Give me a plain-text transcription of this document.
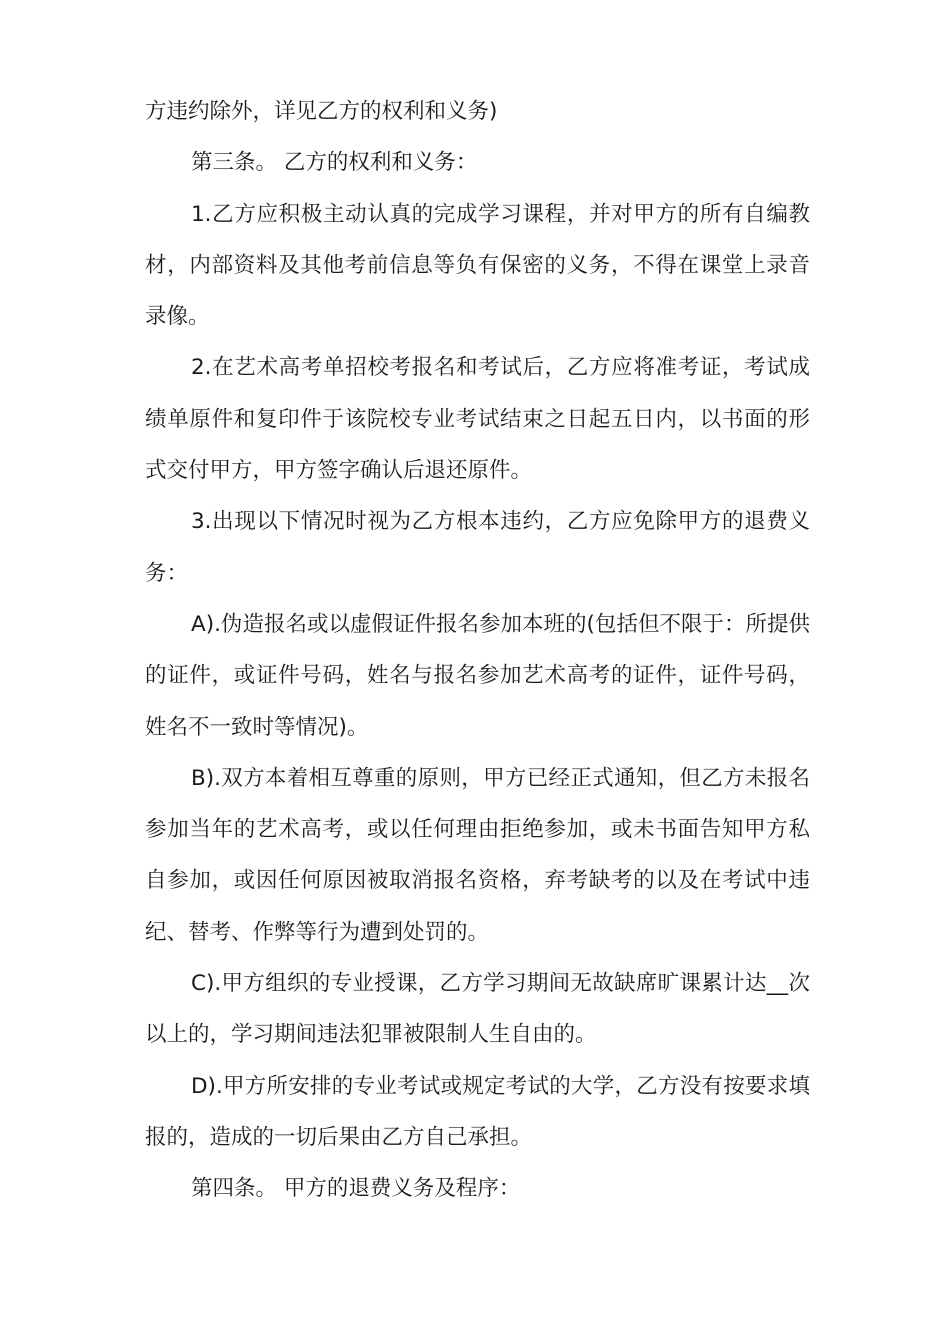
方违约除外，详见乙方的权利和义务)

第三条。 乙方的权利和义务：

1.乙方应积极主动认真的完成学习课程，并对甲方的所有自编教材，内部资料及其他考前信息等负有保密的义务，不得在课堂上录音录像。

2.在艺术高考单招校考报名和考试后，乙方应将准考证，考试成绩单原件和复印件于该院校专业考试结束之日起五日内，以书面的形式交付甲方，甲方签字确认后退还原件。

3.出现以下情况时视为乙方根本违约，乙方应免除甲方的退费义务：

A).伪造报名或以虚假证件报名参加本班的(包括但不限于：所提供的证件，或证件号码，姓名与报名参加艺术高考的证件，证件号码，姓名不一致时等情况)。

B).双方本着相互尊重的原则，甲方已经正式通知，但乙方未报名参加当年的艺术高考，或以任何理由拒绝参加，或未书面告知甲方私自参加，或因任何原因被取消报名资格，弃考缺考的以及在考试中违纪、替考、作弊等行为遭到处罚的。

C).甲方组织的专业授课，乙方学习期间无故缺席旷课累计达__次以上的，学习期间违法犯罪被限制人生自由的。

D).甲方所安排的专业考试或规定考试的大学，乙方没有按要求填报的，造成的一切后果由乙方自己承担。

第四条。 甲方的退费义务及程序：
